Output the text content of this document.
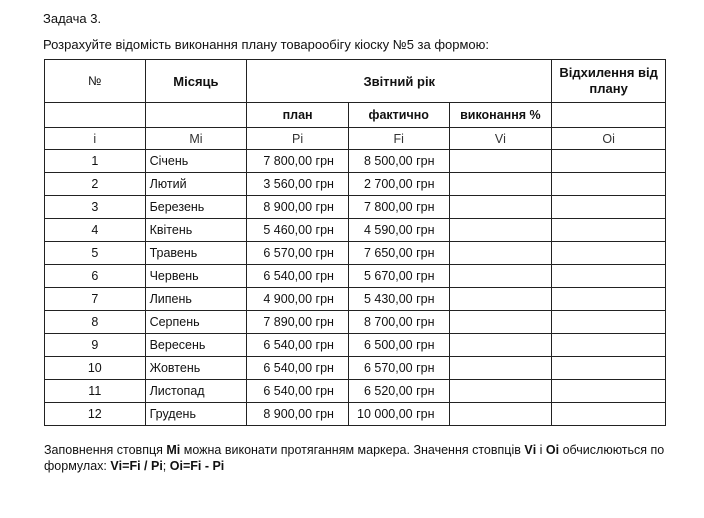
Задача 3.
Розрахуйте відомість виконання плану товарообігу кіоску №5 за формою:
№	Місяць	Звітний рік			Відхилення від плану
		план	фактично	виконання %	
і	Mі	Pі	Fі	Vі	Oі
1	Січень	7 800,00 грн	8 500,00 грн		
2	Лютий	3 560,00 грн	2 700,00 грн		
3	Березень	8 900,00 грн	7 800,00 грн		
4	Квітень	5 460,00 грн	4 590,00 грн		
5	Травень	6 570,00 грн	7 650,00 грн		
6	Червень	6 540,00 грн	5 670,00 грн		
7	Липень	4 900,00 грн	5 430,00 грн		
8	Серпень	7 890,00 грн	8 700,00 грн		
9	Вересень	6 540,00 грн	6 500,00 грн		
10	Жовтень	6 540,00 грн	6 570,00 грн		
11	Листопад	6 540,00 грн	6 520,00 грн		
12	Грудень	8 900,00 грн	10 000,00 грн		
Заповнення стовпця Mі можна виконати протяганням маркера. Значення стовпців Vі і Oі обчислюються по формулах: Vі=Fі / Pі; Oі=Fі - Pі
